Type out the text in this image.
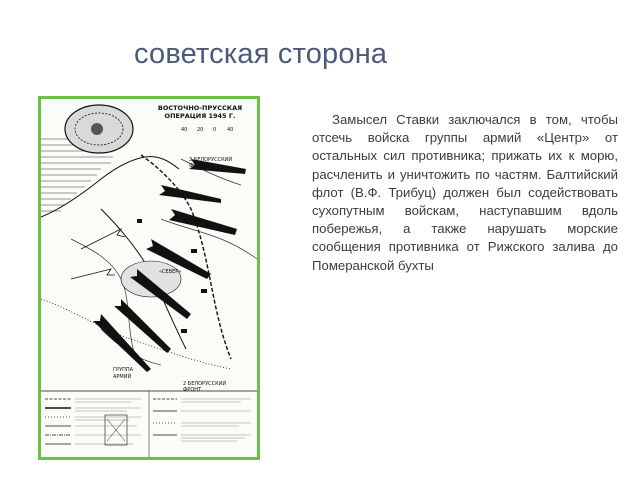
советская сторона
ВОСТОЧНО-ПРУССКАЯ ОПЕРАЦИЯ 1945 Г.
40 20 0 40
3 БЕЛОРУССКИЙ ФРОНТ
«СЕВЕР»
ГРУППА
АРМИЙ
2 БЕЛОРУССКИЙ ФРОНТ

Замысел Ставки заключался в том, чтобы отсечь войска группы армий «Центр» от остальных сил противника; прижать их к морю, расчленить и уничтожить по частям. Балтийский флот (В.Ф. Трибуц) должен был содействовать сухопутным войскам, наступавшим вдоль побережья, а также нарушать морские сообщения противника от Рижского залива до Померанской бухты
